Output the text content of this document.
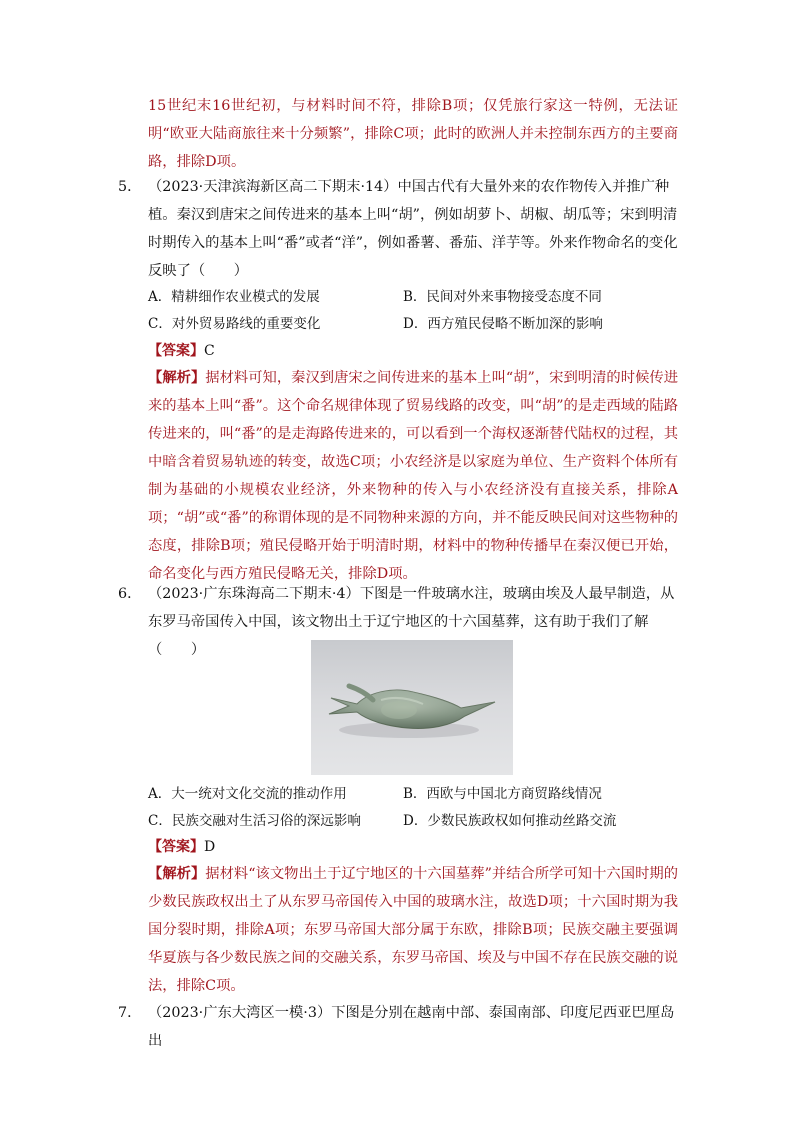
15世纪末16世纪初，与材料时间不符，排除B项；仅凭旅行家这一特例，无法证明“欧亚大陆商旅往来十分频繁”，排除C项；此时的欧洲人并未控制东西方的主要商路，排除D项。
5． （2023·天津滨海新区高二下期末·14）中国古代有大量外来的农作物传入并推广种植。秦汉到唐宋之间传进来的基本上叫“胡”，例如胡萝卜、胡椒、胡瓜等；宋到明清时期传入的基本上叫“番”或者“洋”，例如番薯、番茄、洋芋等。外来作物命名的变化反映了（　　）
A．精耕细作农业模式的发展	B．民间对外来事物接受态度不同
C．对外贸易路线的重要变化	D．西方殖民侵略不断加深的影响
【答案】C
【解析】据材料可知，秦汉到唐宋之间传进来的基本上叫“胡”，宋到明清的时候传进来的基本上叫“番”。这个命名规律体现了贸易线路的改变，叫“胡”的是走西域的陆路传进来的，叫“番”的是走海路传进来的，可以看到一个海权逐渐替代陆权的过程，其中暗含着贸易轨迹的转变，故选C项；小农经济是以家庭为单位、生产资料个体所有制为基础的小规模农业经济，外来物种的传入与小农经济没有直接关系，排除A项；“胡”或“番”的称谓体现的是不同物种来源的方向，并不能反映民间对这些物种的态度，排除B项；殖民侵略开始于明清时期，材料中的物种传播早在秦汉便已开始，命名变化与西方殖民侵略无关，排除D项。
6． （2023·广东珠海高二下期末·4）下图是一件玻璃水注，玻璃由埃及人最早制造，从东罗马帝国传入中国，该文物出土于辽宁地区的十六国墓葬，这有助于我们了解（　　）
A．大一统对文化交流的推动作用	B．西欧与中国北方商贸路线情况
C．民族交融对生活习俗的深远影响	D．少数民族政权如何推动丝路交流
【答案】D
【解析】据材料“该文物出土于辽宁地区的十六国墓葬”并结合所学可知十六国时期的少数民族政权出土了从东罗马帝国传入中国的玻璃水注，故选D项；十六国时期为我国分裂时期，排除A项；东罗马帝国大部分属于东欧，排除B项；民族交融主要强调华夏族与各少数民族之间的交融关系，东罗马帝国、埃及与中国不存在民族交融的说法，排除C项。
7． （2023·广东大湾区一模·3）下图是分别在越南中部、泰国南部、印度尼西亚巴厘岛出
